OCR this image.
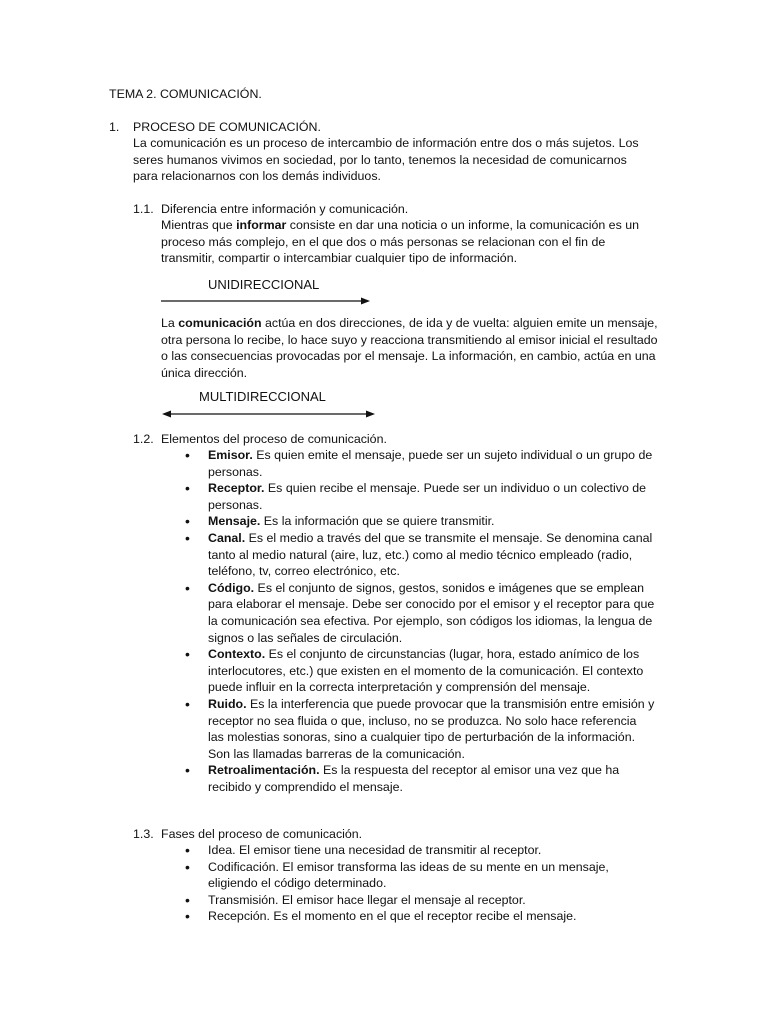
TEMA 2. COMUNICACIÓN.
1. PROCESO DE COMUNICACIÓN.

La comunicación es un proceso de intercambio de información entre dos o más sujetos. Los seres humanos vivimos en sociedad, por lo tanto, tenemos la necesidad de comunicarnos para relacionarnos con los demás individuos.

1.1. Diferencia entre información y comunicación.

Mientras que informar consiste en dar una noticia o un informe, la comunicación es un proceso más complejo, en el que dos o más personas se relacionan con el fin de transmitir, compartir o intercambiar cualquier tipo de información.

UNIDIRECCIONAL

La comunicación actúa en dos direcciones, de ida y de vuelta: alguien emite un mensaje, otra persona lo recibe, lo hace suyo y reacciona transmitiendo al emisor inicial el resultado o las consecuencias provocadas por el mensaje. La información, en cambio, actúa en una única dirección.

MULTIDIRECCIONAL
1.2. Elementos del proceso de comunicación.
• Emisor. Es quien emite el mensaje, puede ser un sujeto individual o un grupo de personas.
• Receptor. Es quien recibe el mensaje. Puede ser un individuo o un colectivo de personas.
• Mensaje. Es la información que se quiere transmitir.
• Canal. Es el medio a través del que se transmite el mensaje. Se denomina canal tanto al medio natural (aire, luz, etc.) como al medio técnico empleado (radio, teléfono, tv, correo electrónico, etc.
• Código. Es el conjunto de signos, gestos, sonidos e imágenes que se emplean para elaborar el mensaje. Debe ser conocido por el emisor y el receptor para que la comunicación sea efectiva. Por ejemplo, son códigos los idiomas, la lengua de signos o las señales de circulación.
• Contexto. Es el conjunto de circunstancias (lugar, hora, estado anímico de los interlocutores, etc.) que existen en el momento de la comunicación. El contexto puede influir en la correcta interpretación y comprensión del mensaje.
• Ruido. Es la interferencia que puede provocar que la transmisión entre emisión y receptor no sea fluida o que, incluso, no se produzca. No solo hace referencia las molestias sonoras, sino a cualquier tipo de perturbación de la información. Son las llamadas barreras de la comunicación.
• Retroalimentación. Es la respuesta del receptor al emisor una vez que ha recibido y comprendido el mensaje.
1.3. Fases del proceso de comunicación.
• Idea. El emisor tiene una necesidad de transmitir al receptor.
• Codificación. El emisor transforma las ideas de su mente en un mensaje, eligiendo el código determinado.
• Transmisión. El emisor hace llegar el mensaje al receptor.
• Recepción. Es el momento en el que el receptor recibe el mensaje.
